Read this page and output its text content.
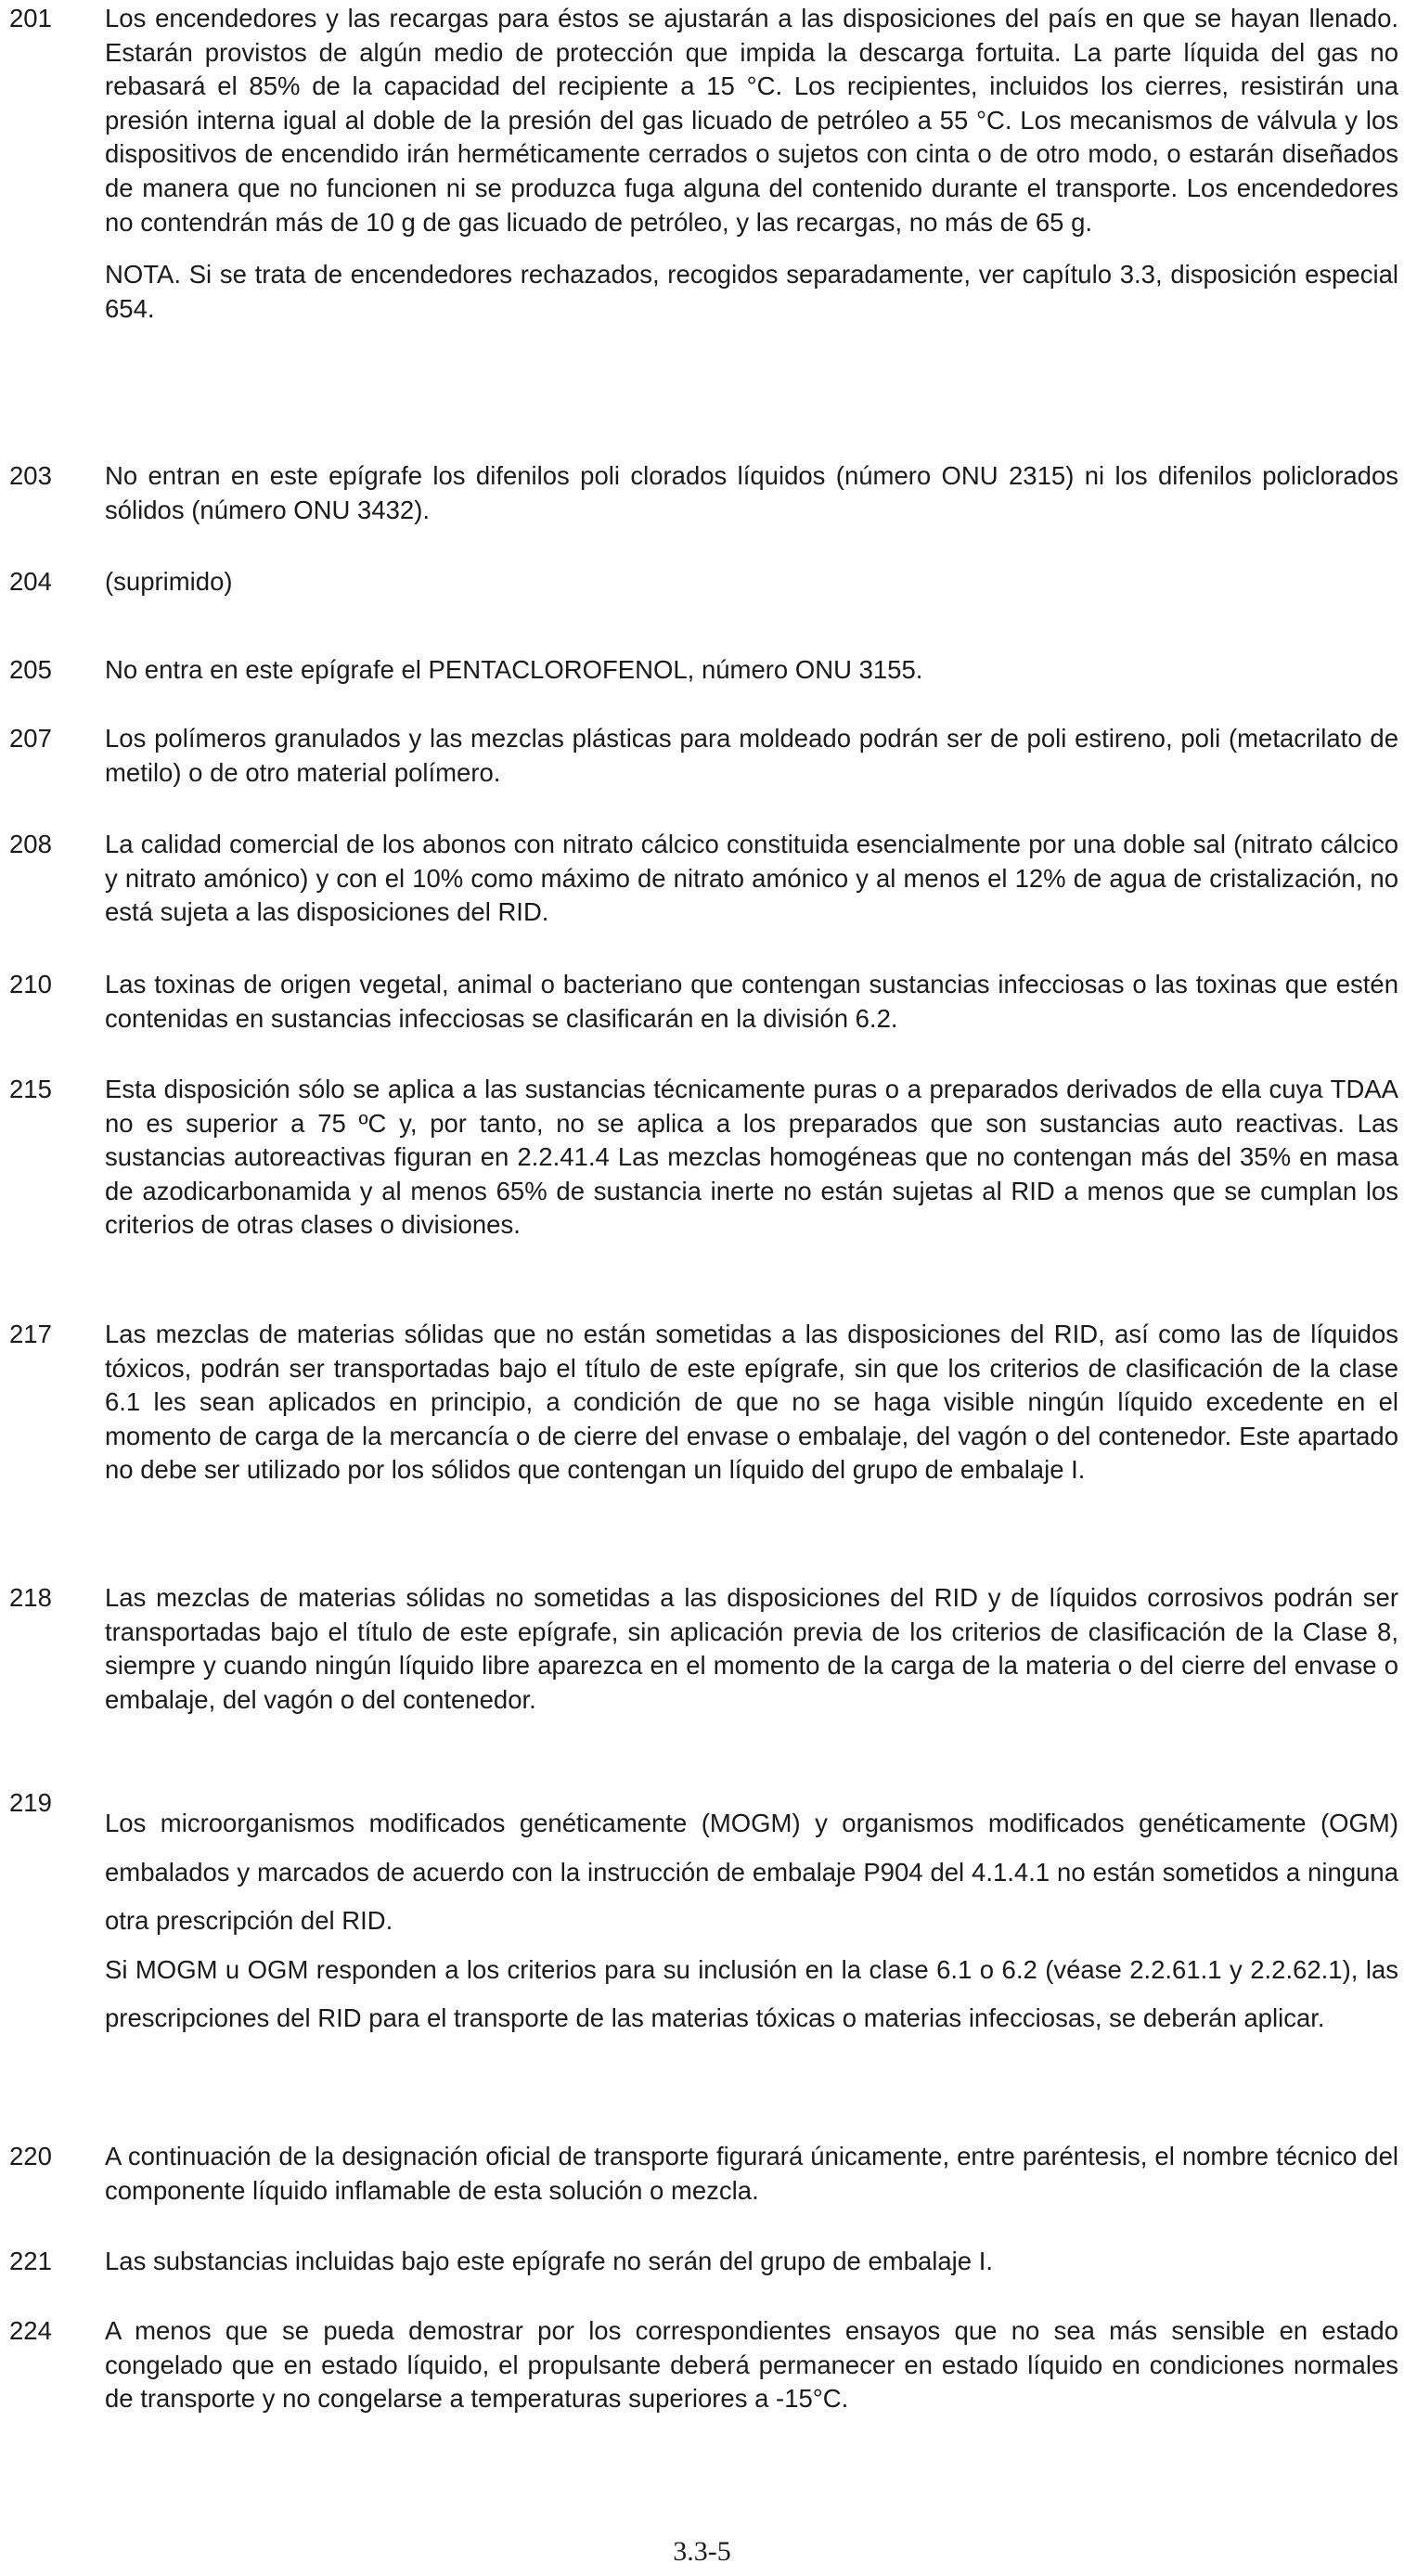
201 Los encendedores y las recargas para éstos se ajustarán a las disposiciones del país en que se hayan llenado. Estarán provistos de algún medio de protección que impida la descarga fortuita. La parte líquida del gas no rebasará el 85% de la capacidad del recipiente a 15 °C. Los recipientes, incluidos los cierres, resistirán una presión interna igual al doble de la presión del gas licuado de petróleo a 55 °C. Los mecanismos de válvula y los dispositivos de encendido irán herméticamente cerrados o sujetos con cinta o de otro modo, o estarán diseñados de manera que no funcionen ni se produzca fuga alguna del contenido durante el transporte. Los encendedores no contendrán más de 10 g de gas licuado de petróleo, y las recargas, no más de 65 g.

NOTA. Si se trata de encendedores rechazados, recogidos separadamente, ver capítulo 3.3, disposición especial 654.

203 No entran en este epígrafe los difenilos poli clorados líquidos (número ONU 2315) ni los difenilos policlorados sólidos (número ONU 3432).

204 (suprimido)

205 No entra en este epígrafe el PENTACLOROFENOL, número ONU 3155.

207 Los polímeros granulados y las mezclas plásticas para moldeado podrán ser de poli estireno, poli (metacrilato de metilo) o de otro material polímero.

208 La calidad comercial de los abonos con nitrato cálcico constituida esencialmente por una doble sal (nitrato cálcico y nitrato amónico) y con el 10% como máximo de nitrato amónico y al menos el 12% de agua de cristalización, no está sujeta a las disposiciones del RID.

210 Las toxinas de origen vegetal, animal o bacteriano que contengan sustancias infecciosas o las toxinas que estén contenidas en sustancias infecciosas se clasificarán en la división 6.2.

215 Esta disposición sólo se aplica a las sustancias técnicamente puras o a preparados derivados de ella cuya TDAA no es superior a 75 ºC y, por tanto, no se aplica a los preparados que son sustancias auto reactivas. Las sustancias autoreactivas figuran en 2.2.41.4 Las mezclas homogéneas que no contengan más del 35% en masa de azodicarbonamida y al menos 65% de sustancia inerte no están sujetas al RID a menos que se cumplan los criterios de otras clases o divisiones.

217 Las mezclas de materias sólidas que no están sometidas a las disposiciones del RID, así como las de líquidos tóxicos, podrán ser transportadas bajo el título de este epígrafe, sin que los criterios de clasificación de la clase 6.1 les sean aplicados en principio, a condición de que no se haga visible ningún líquido excedente en el momento de carga de la mercancía o de cierre del envase o embalaje, del vagón o del contenedor. Este apartado no debe ser utilizado por los sólidos que contengan un líquido del grupo de embalaje I.

218 Las mezclas de materias sólidas no sometidas a las disposiciones del RID y de líquidos corrosivos podrán ser transportadas bajo el título de este epígrafe, sin aplicación previa de los criterios de clasificación de la Clase 8, siempre y cuando ningún líquido libre aparezca en el momento de la carga de la materia o del cierre del envase o embalaje, del vagón o del contenedor.

219

Los microorganismos modificados genéticamente (MOGM) y organismos modificados genéticamente (OGM) embalados y marcados de acuerdo con la instrucción de embalaje P904 del 4.1.4.1 no están sometidos a ninguna otra prescripción del RID.

Si MOGM u OGM responden a los criterios para su inclusión en la clase 6.1 o 6.2 (véase 2.2.61.1 y 2.2.62.1), las prescripciones del RID para el transporte de las materias tóxicas o materias infecciosas, se deberán aplicar.

220 A continuación de la designación oficial de transporte figurará únicamente, entre paréntesis, el nombre técnico del componente líquido inflamable de esta solución o mezcla.

221 Las substancias incluidas bajo este epígrafe no serán del grupo de embalaje I.

224 A menos que se pueda demostrar por los correspondientes ensayos que no sea más sensible en estado congelado que en estado líquido, el propulsante deberá permanecer en estado líquido en condiciones normales de transporte y no congelarse a temperaturas superiores a -15°C.

3.3-5
